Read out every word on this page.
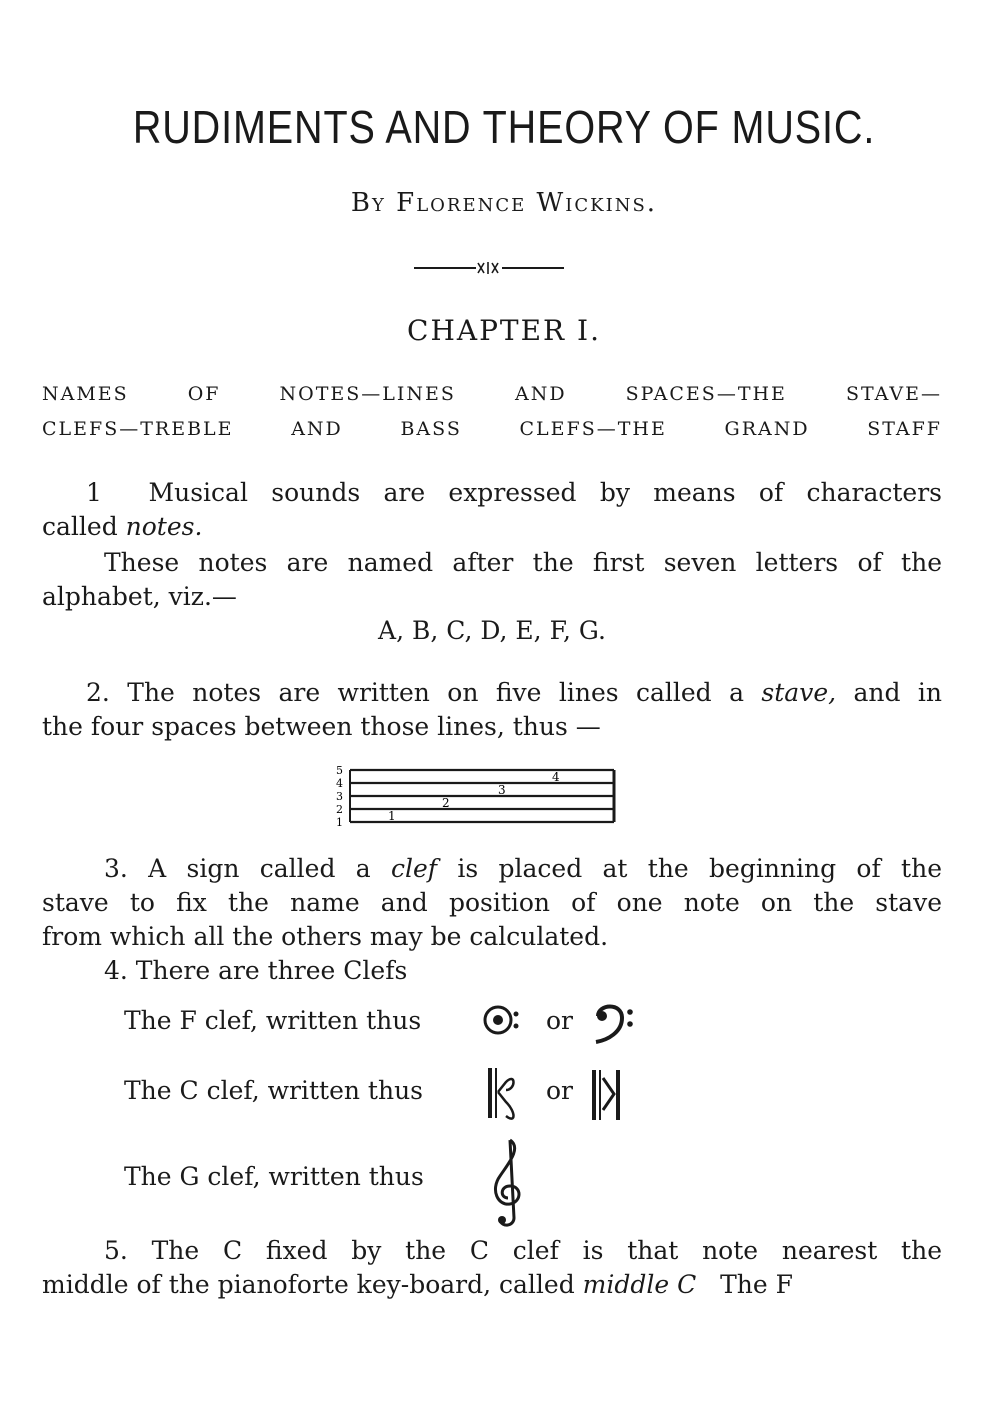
RUDIMENTS AND THEORY OF MUSIC.
By Florence Wickins.
CHAPTER I.
NAMES OF NOTES—LINES AND SPACES—THE STAVE—
CLEFS—TREBLE AND BASS CLEFS—THE GRAND STAFF
1 Musical sounds are expressed by means of characters
called notes.
These notes are named after the first seven letters of the
alphabet, viz.—
A, B, C, D, E, F, G.
2. The notes are written on five lines called a stave, and in
the four spaces between those lines, thus —
5
4
3
2
1	1
2
3
4
3. A sign called a clef is placed at the beginning of the
stave to fix the name and position of one note on the stave
from which all the others may be calculated.
4. There are three Clefs
The F clef, written thus	or
The C clef, written thus	or
The G clef, written thus
5. The C fixed by the C clef is that note nearest the
middle of the pianoforte key-board, called middle C   The F
